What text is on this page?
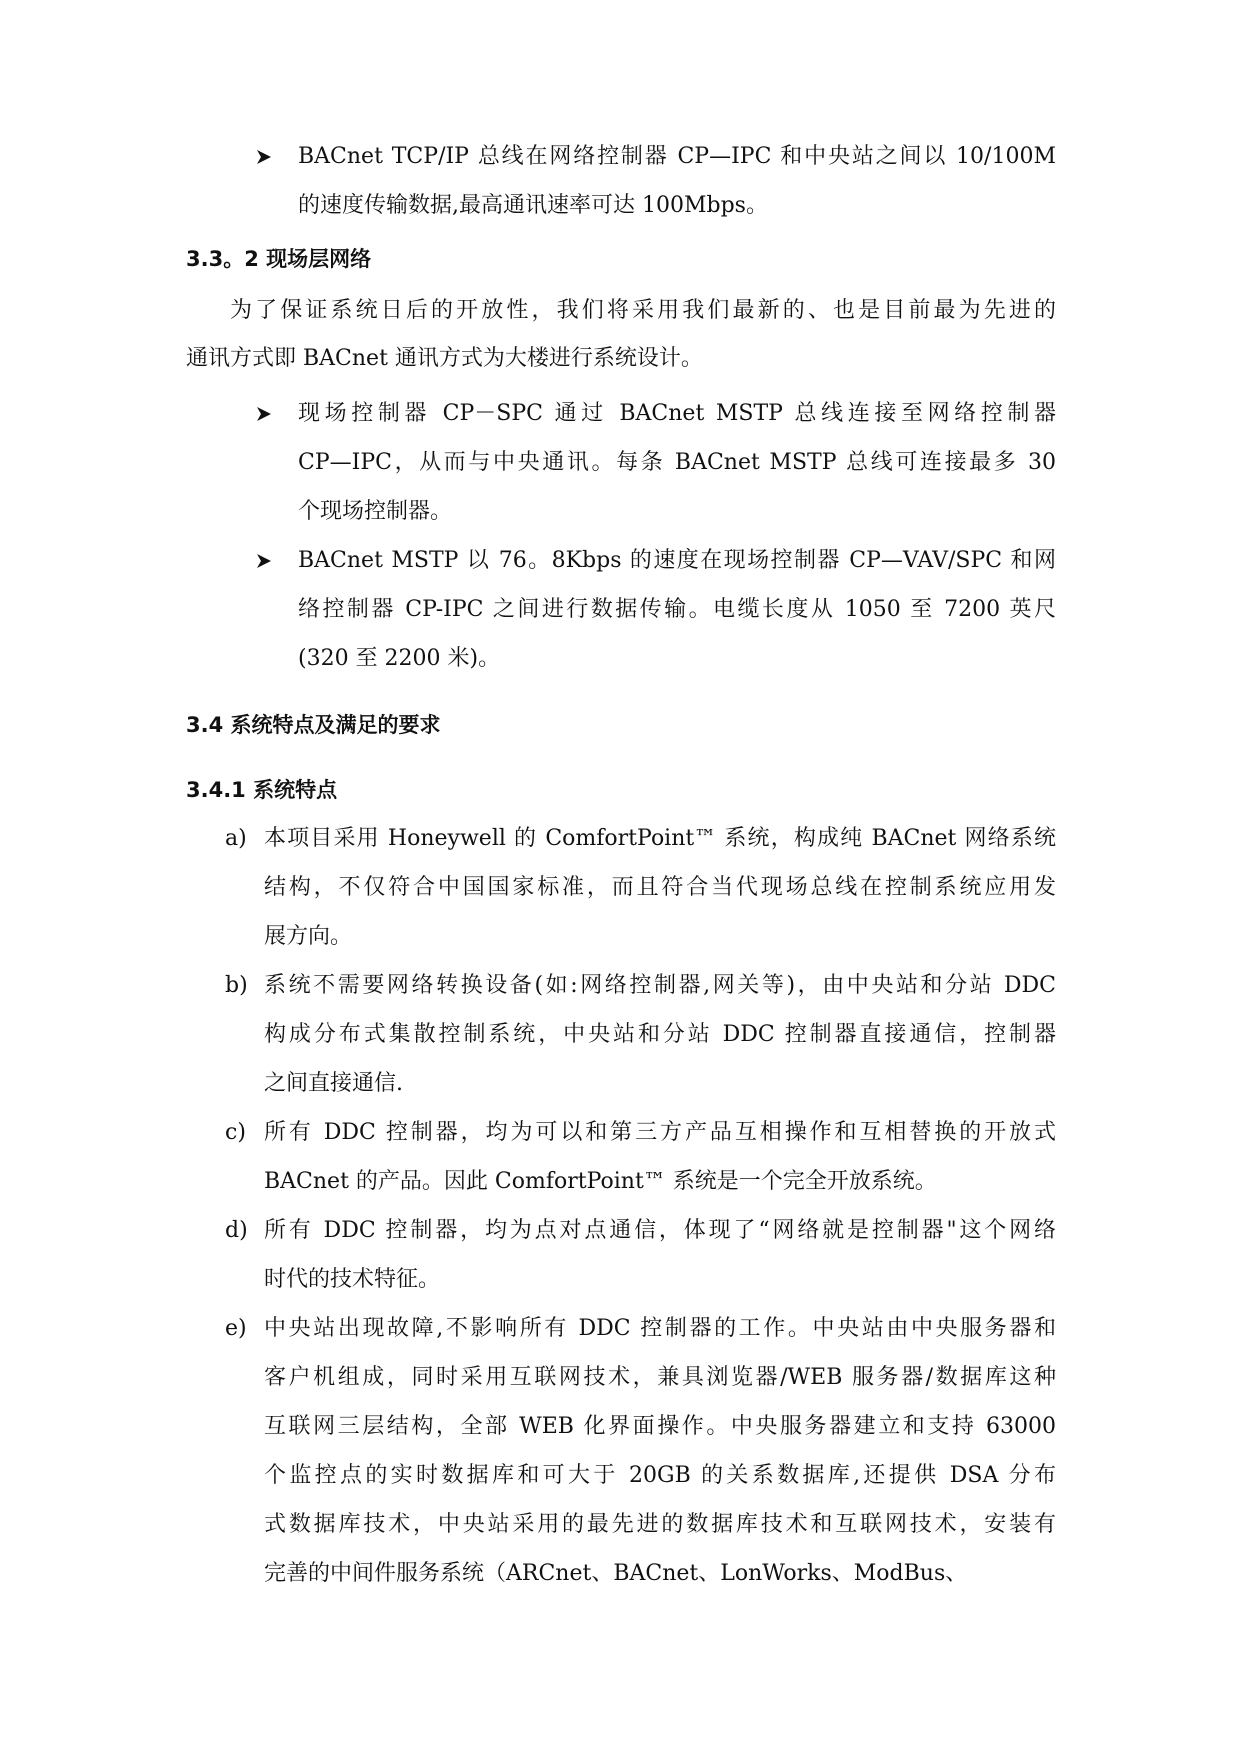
BACnet TCP/IP 总线在网络控制器 CP—IPC 和中央站之间以 10/100M
的速度传输数据,最高通讯速率可达 100Mbps。
3.3。2 现场层网络
为了保证系统日后的开放性，我们将采用我们最新的、也是目前最为先进的
通讯方式即 BACnet 通讯方式为大楼进行系统设计。
现场控制器 CP－SPC 通过 BACnet MSTP 总线连接至网络控制器
CP—IPC，从而与中央通讯。每条 BACnet MSTP 总线可连接最多 30
个现场控制器。
BACnet MSTP 以 76。8Kbps 的速度在现场控制器 CP—VAV/SPC 和网
络控制器 CP-IPC 之间进行数据传输。电缆长度从 1050 至 7200 英尺
(320 至 2200 米)。
3.4 系统特点及满足的要求
3.4.1 系统特点
a) 本项目采用 Honeywell 的 ComfortPoint™ 系统，构成纯 BACnet 网络系统
结构，不仅符合中国国家标准，而且符合当代现场总线在控制系统应用发
展方向。
b) 系统不需要网络转换设备(如:网络控制器,网关等)，由中央站和分站 DDC
构成分布式集散控制系统，中央站和分站 DDC 控制器直接通信，控制器
之间直接通信.
c) 所有 DDC 控制器，均为可以和第三方产品互相操作和互相替换的开放式
BACnet 的产品。因此 ComfortPoint™ 系统是一个完全开放系统。
d) 所有 DDC 控制器，均为点对点通信，体现了“网络就是控制器"这个网络
时代的技术特征。
e) 中央站出现故障,不影响所有 DDC 控制器的工作。中央站由中央服务器和
客户机组成，同时采用互联网技术，兼具浏览器/WEB 服务器/数据库这种
互联网三层结构，全部 WEB 化界面操作。中央服务器建立和支持 63000
个监控点的实时数据库和可大于 20GB 的关系数据库,还提供 DSA 分布
式数据库技术，中央站采用的最先进的数据库技术和互联网技术，安装有
完善的中间件服务系统（ARCnet、BACnet、LonWorks、ModBus、
